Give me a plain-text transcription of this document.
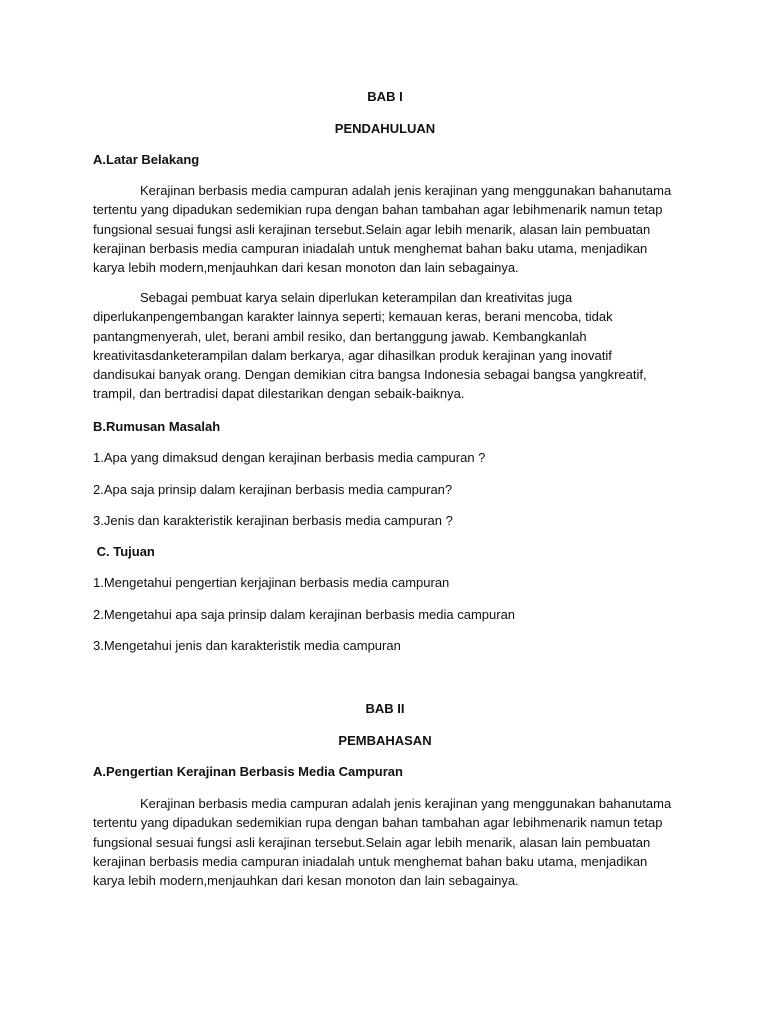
BAB I

PENDAHULUAN

A.Latar Belakang

Kerajinan berbasis media campuran adalah jenis kerajinan yang menggunakan bahanutama tertentu yang dipadukan sedemikian rupa dengan bahan tambahan agar lebihmenarik namun tetap fungsional sesuai fungsi asli kerajinan tersebut.Selain agar lebih menarik, alasan lain pembuatan kerajinan berbasis media campuran iniadalah untuk menghemat bahan baku utama, menjadikan karya lebih modern,menjauhkan dari kesan monoton dan lain sebagainya.

Sebagai pembuat karya selain diperlukan keterampilan dan kreativitas juga diperlukanpengembangan karakter lainnya seperti; kemauan keras, berani mencoba, tidak pantangmenyerah, ulet, berani ambil resiko, dan bertanggung jawab. Kembangkanlah kreativitasdanketerampilan dalam berkarya, agar dihasilkan produk kerajinan yang inovatif dandisukai banyak orang. Dengan demikian citra bangsa Indonesia sebagai bangsa yangkreatif, trampil, dan bertradisi dapat dilestarikan dengan sebaik-baiknya.

B.Rumusan Masalah

1.Apa yang dimaksud dengan kerajinan berbasis media campuran ?

2.Apa saja prinsip dalam kerajinan berbasis media campuran?

3.Jenis dan karakteristik kerajinan berbasis media campuran ?

C. Tujuan

1.Mengetahui pengertian kerjajinan berbasis media campuran

2.Mengetahui apa saja prinsip dalam kerajinan berbasis media campuran

3.Mengetahui jenis dan karakteristik media campuran

BAB II

PEMBAHASAN

A.Pengertian Kerajinan Berbasis Media Campuran

Kerajinan berbasis media campuran adalah jenis kerajinan yang menggunakan bahanutama tertentu yang dipadukan sedemikian rupa dengan bahan tambahan agar lebihmenarik namun tetap fungsional sesuai fungsi asli kerajinan tersebut.Selain agar lebih menarik, alasan lain pembuatan kerajinan berbasis media campuran iniadalah untuk menghemat bahan baku utama, menjadikan karya lebih modern,menjauhkan dari kesan monoton dan lain sebagainya.
